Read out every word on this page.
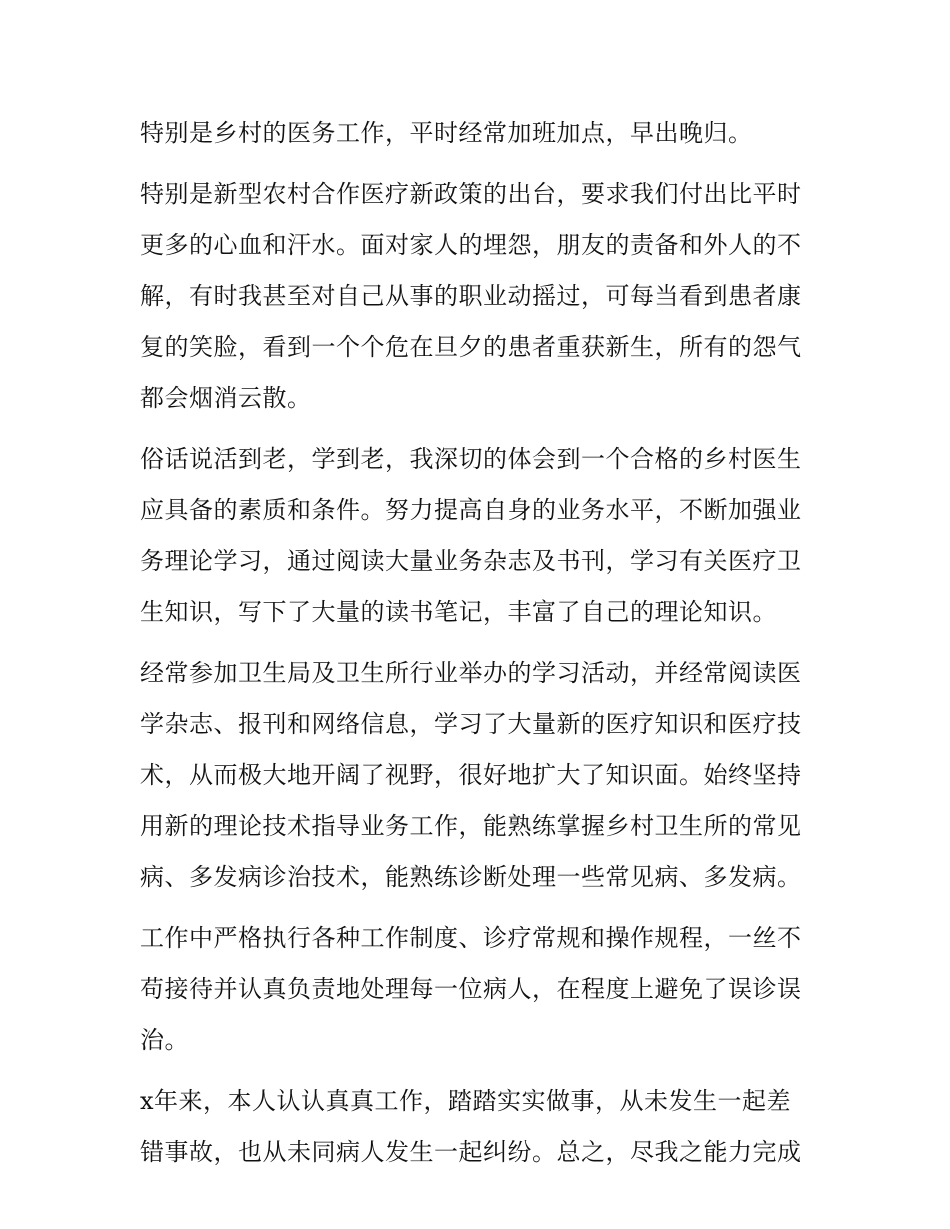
特别是乡村的医务工作，平时经常加班加点，早出晚归。

特别是新型农村合作医疗新政策的出台，要求我们付出比平时
更多的心血和汗水。面对家人的埋怨，朋友的责备和外人的不
解，有时我甚至对自己从事的职业动摇过，可每当看到患者康
复的笑脸，看到一个个危在旦夕的患者重获新生，所有的怨气
都会烟消云散。

俗话说活到老，学到老，我深切的体会到一个合格的乡村医生
应具备的素质和条件。努力提高自身的业务水平，不断加强业
务理论学习，通过阅读大量业务杂志及书刊，学习有关医疗卫
生知识，写下了大量的读书笔记，丰富了自己的理论知识。

经常参加卫生局及卫生所行业举办的学习活动，并经常阅读医
学杂志、报刊和网络信息，学习了大量新的医疗知识和医疗技
术，从而极大地开阔了视野，很好地扩大了知识面。始终坚持
用新的理论技术指导业务工作，能熟练掌握乡村卫生所的常见
病、多发病诊治技术，能熟练诊断处理一些常见病、多发病。

工作中严格执行各种工作制度、诊疗常规和操作规程，一丝不
苟接待并认真负责地处理每一位病人，在程度上避免了误诊误
治。

x年来，本人认认真真工作，踏踏实实做事，从未发生一起差
错事故，也从未同病人发生一起纠纷。总之，尽我之能力完成
